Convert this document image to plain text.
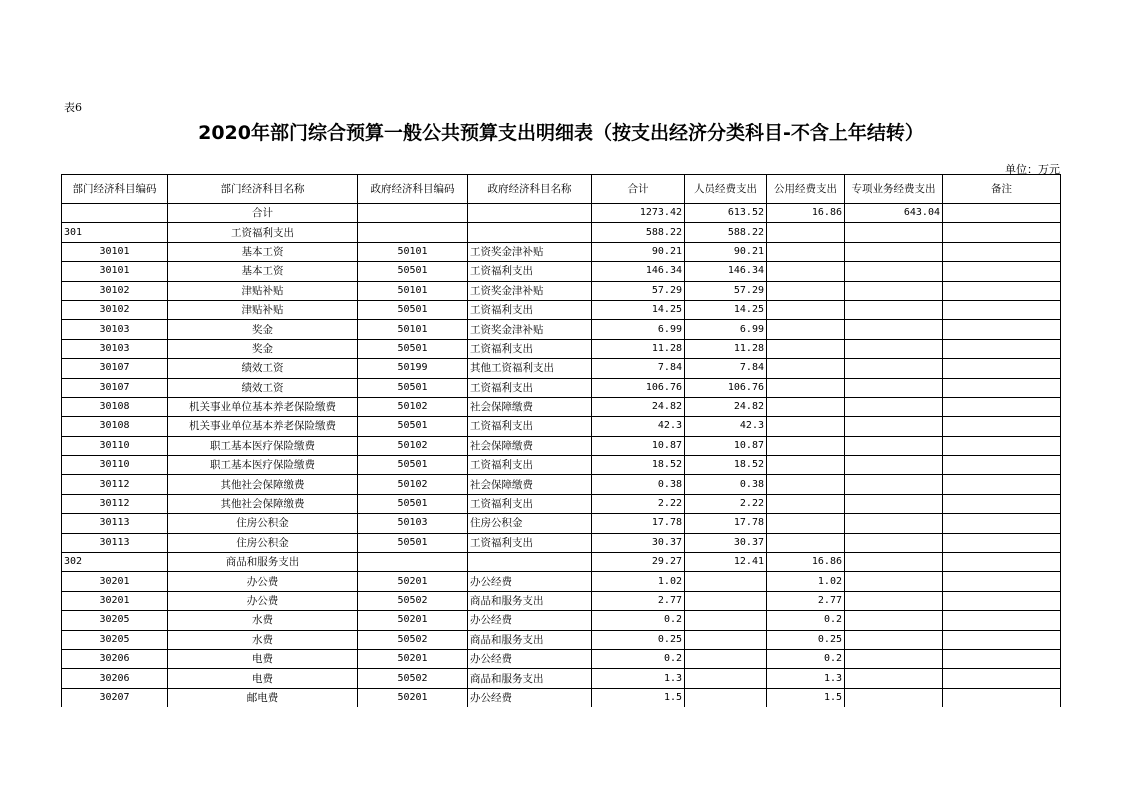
表6
2020年部门综合预算一般公共预算支出明细表（按支出经济分类科目-不含上年结转）
单位：万元
部门经济科目编码	部门经济科目名称	政府经济科目编码	政府经济科目名称	合计	人员经费支出	公用经费支出	专项业务经费支出	备注
	合计			1273.42	613.52	16.86	643.04	
301	工资福利支出			588.22	588.22			
30101	基本工资	50101	工资奖金津补贴	90.21	90.21			
30101	基本工资	50501	工资福利支出	146.34	146.34			
30102	津贴补贴	50101	工资奖金津补贴	57.29	57.29			
30102	津贴补贴	50501	工资福利支出	14.25	14.25			
30103	奖金	50101	工资奖金津补贴	6.99	6.99			
30103	奖金	50501	工资福利支出	11.28	11.28			
30107	绩效工资	50199	其他工资福利支出	7.84	7.84			
30107	绩效工资	50501	工资福利支出	106.76	106.76			
30108	机关事业单位基本养老保险缴费	50102	社会保障缴费	24.82	24.82			
30108	机关事业单位基本养老保险缴费	50501	工资福利支出	42.3	42.3			
30110	职工基本医疗保险缴费	50102	社会保障缴费	10.87	10.87			
30110	职工基本医疗保险缴费	50501	工资福利支出	18.52	18.52			
30112	其他社会保障缴费	50102	社会保障缴费	0.38	0.38			
30112	其他社会保障缴费	50501	工资福利支出	2.22	2.22			
30113	住房公积金	50103	住房公积金	17.78	17.78			
30113	住房公积金	50501	工资福利支出	30.37	30.37			
302	商品和服务支出			29.27	12.41	16.86		
30201	办公费	50201	办公经费	1.02		1.02		
30201	办公费	50502	商品和服务支出	2.77		2.77		
30205	水费	50201	办公经费	0.2		0.2		
30205	水费	50502	商品和服务支出	0.25		0.25		
30206	电费	50201	办公经费	0.2		0.2		
30206	电费	50502	商品和服务支出	1.3		1.3		
30207	邮电费	50201	办公经费	1.5		1.5		
